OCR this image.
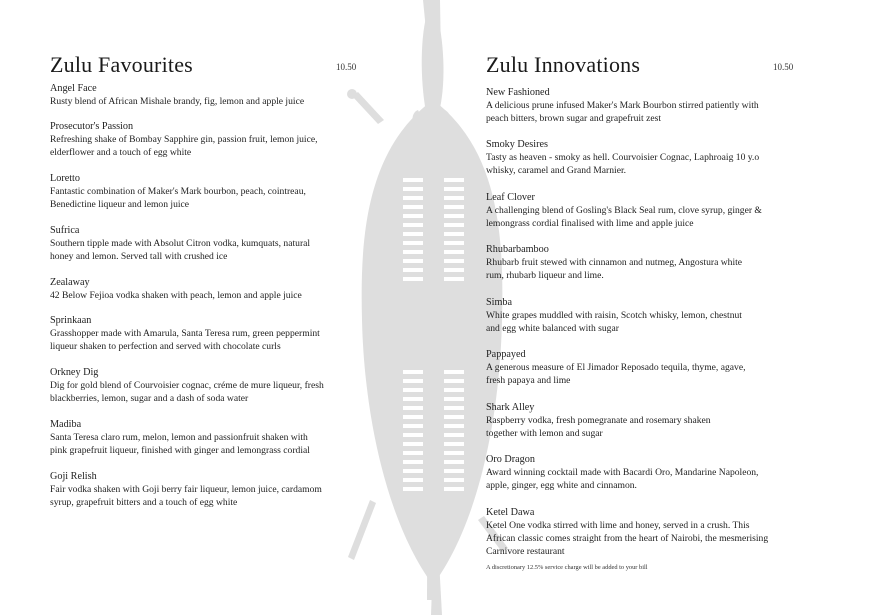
Zulu Favourites	10.50
Angel Face
Rusty blend of African Mishale brandy, fig, lemon and apple juice
Prosecutor's Passion
Refreshing shake of Bombay Sapphire gin, passion fruit, lemon juice,
elderflower and a touch of egg white
Loretto
Fantastic combination of Maker's Mark bourbon, peach, cointreau,
Benedictine liqueur and lemon juice
Sufrica
Southern tipple made with Absolut Citron vodka, kumquats, natural
honey and lemon. Served tall with crushed ice
Zealaway
42 Below Fejioa vodka shaken with peach, lemon and apple juice
Sprinkaan
Grasshopper made with Amarula, Santa Teresa rum, green peppermint
liqueur shaken to perfection and served with chocolate curls
Orkney Dig
Dig for gold blend of Courvoisier cognac, créme de mure liqueur, fresh
blackberries, lemon, sugar and a dash of soda water
Madiba
Santa Teresa claro rum, melon, lemon and passionfruit shaken with
pink grapefruit liqueur, finished with ginger and lemongrass cordial
Goji Relish
Fair vodka shaken with Goji berry fair liqueur, lemon juice, cardamom
syrup, grapefruit bitters and a touch of egg white
Zulu Innovations	10.50
New Fashioned
A delicious prune infused Maker's Mark Bourbon stirred patiently with
peach bitters, brown sugar and grapefruit zest
Smoky Desires
Tasty as heaven - smoky as hell. Courvoisier Cognac, Laphroaig 10 y.o
whisky, caramel and Grand Marnier.
Leaf Clover
A challenging blend of Gosling's Black Seal rum, clove syrup, ginger &
lemongrass cordial finalised with lime and apple juice
Rhubarbamboo
Rhubarb fruit stewed with cinnamon and nutmeg, Angostura white
rum, rhubarb liqueur and lime.
Simba
White grapes muddled with raisin, Scotch whisky, lemon, chestnut
and egg white balanced with sugar
Pappayed
A generous measure of El Jimador Reposado tequila, thyme, agave,
fresh papaya and lime
Shark Alley
Raspberry vodka, fresh pomegranate and rosemary shaken
together with lemon and sugar
Oro Dragon
Award winning cocktail made with Bacardi Oro, Mandarine Napoleon,
apple, ginger, egg white and cinnamon.
Ketel Dawa
Ketel One vodka stirred with lime and honey, served in a crush. This
African classic comes straight from the heart of Nairobi, the mesmerising
Carnivore restaurant
A discretionary 12.5% service charge will be added to your bill
